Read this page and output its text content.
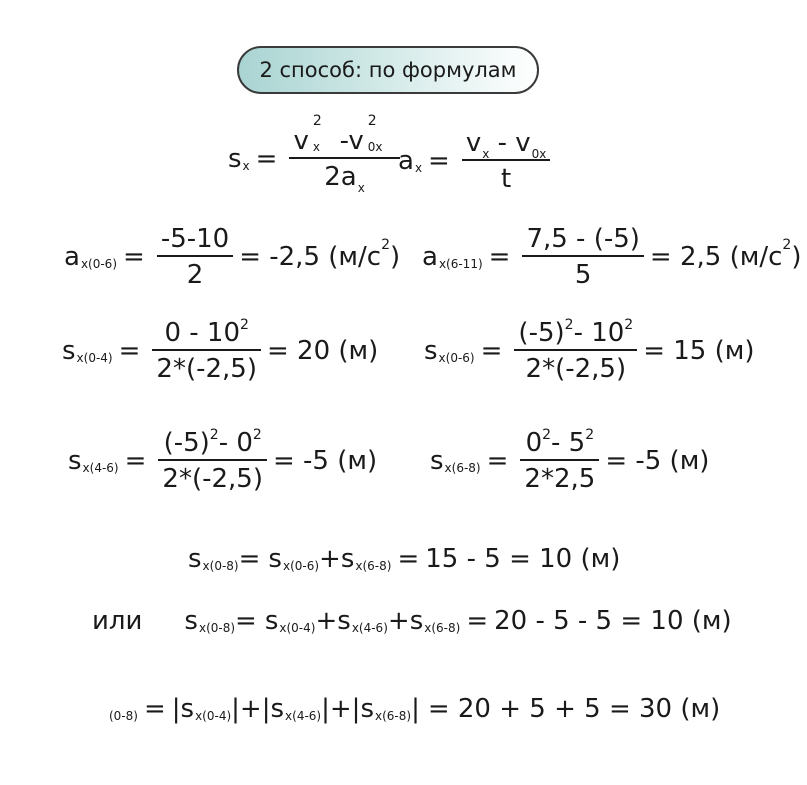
2 способ: по формулам
s x = v
2
x -v
2
0x
$2a_x$
a $x = \frac{v_x - v_{0x}}{t}$
a $x(0-6) = \frac{-5-10}{2} = -2,5$ (м/с 2 ) a $x(6-11) = \frac{7,5 - (-5)}{5} = 2,5$ (м/с 2 )
s $x(0-4) = \frac{0 - 10^2}{2*(-2,5)} = 20$ (м) s $x(0-6) = \frac{(-5)^2- 10^2}{2*(-2,5)} = 15$ (м)
s $x(4-6) = \frac{(-5)^2- 0^2}{2*(-2,5)} = -5$ (м) s $x(6-8) = \frac{0^2- 5^2}{2*2,5} = -5$ (м)
s x(0-8) = s x(0-6) + s x(6-8) = 15 - 5 = 10 (м)
или s x(0-8) = s x(0-4) + s x(4-6) + s x(6-8) = 20 - 5 - 5 = 10 (м)
(0-8) = | s x(0-4) | + | s x(4-6) | + | s x(6-8) | = 20 + 5 + 5 = 30 (м)
